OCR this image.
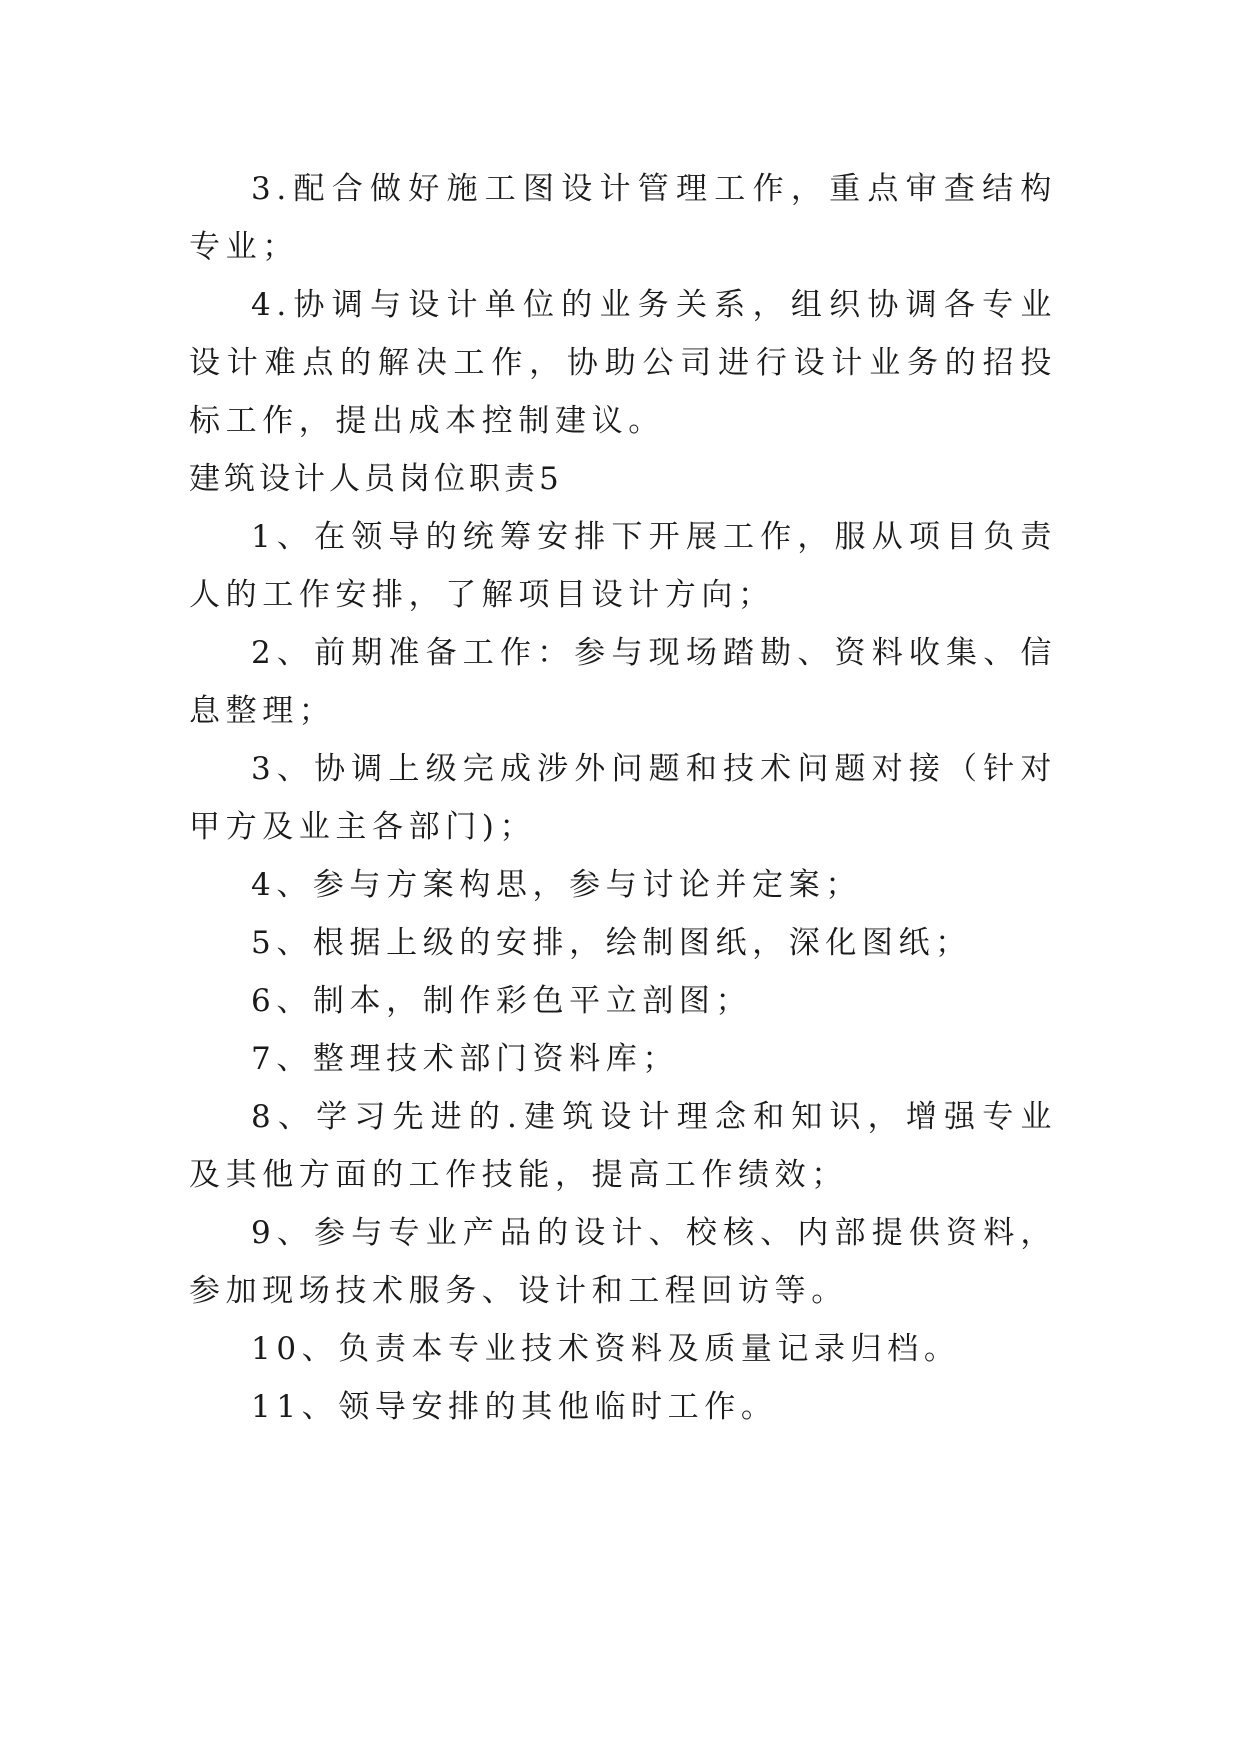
3.配合做好施工图设计管理工作，重点审查结构专业；

4.协调与设计单位的业务关系，组织协调各专业设计难点的解决工作，协助公司进行设计业务的招投标工作，提出成本控制建议。

建筑设计人员岗位职责5

1、在领导的统筹安排下开展工作，服从项目负责人的工作安排，了解项目设计方向；

2、前期准备工作：参与现场踏勘、资料收集、信息整理；

3、协调上级完成涉外问题和技术问题对接（针对甲方及业主各部门)；

4、参与方案构思，参与讨论并定案；

5、根据上级的安排，绘制图纸，深化图纸；

6、制本，制作彩色平立剖图；

7、整理技术部门资料库；

8、学习先进的.建筑设计理念和知识，增强专业及其他方面的工作技能，提高工作绩效；

9、参与专业产品的设计、校核、内部提供资料，参加现场技术服务、设计和工程回访等。

10、负责本专业技术资料及质量记录归档。

11、领导安排的其他临时工作。
